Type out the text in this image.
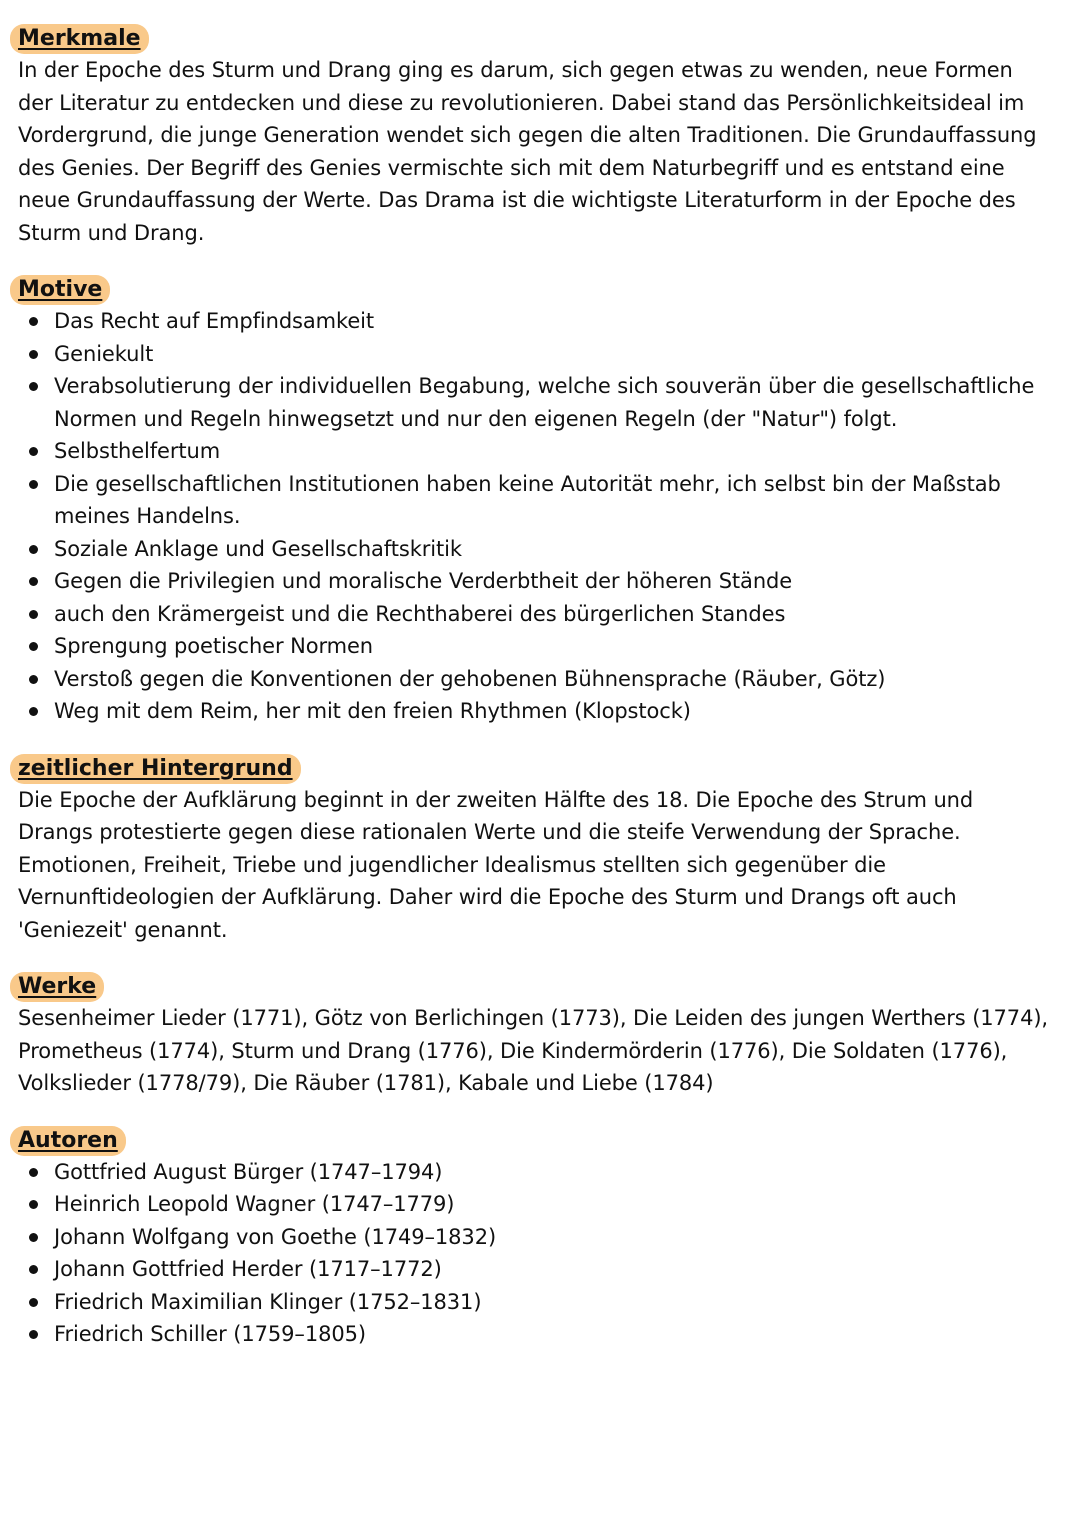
Merkmale
In der Epoche des Sturm und Drang ging es darum, sich gegen etwas zu wenden, neue Formen
der Literatur zu entdecken und diese zu revolutionieren. Dabei stand das Persönlichkeitsideal im
Vordergrund, die junge Generation wendet sich gegen die alten Traditionen. Die Grundauffassung
des Genies. Der Begriff des Genies vermischte sich mit dem Naturbegriff und es entstand eine
neue Grundauffassung der Werte. Das Drama ist die wichtigste Literaturform in der Epoche des
Sturm und Drang.
Motive
Das Recht auf Empfindsamkeit
Geniekult
Verabsolutierung der individuellen Begabung, welche sich souverän über die gesellschaftliche
Normen und Regeln hinwegsetzt und nur den eigenen Regeln (der "Natur") folgt.
Selbsthelfertum
Die gesellschaftlichen Institutionen haben keine Autorität mehr, ich selbst bin der Maßstab
meines Handelns.
Soziale Anklage und Gesellschaftskritik
Gegen die Privilegien und moralische Verderbtheit der höheren Stände
auch den Krämergeist und die Rechthaberei des bürgerlichen Standes
Sprengung poetischer Normen
Verstoß gegen die Konventionen der gehobenen Bühnensprache (Räuber, Götz)
Weg mit dem Reim, her mit den freien Rhythmen (Klopstock)
zeitlicher Hintergrund
Die Epoche der Aufklärung beginnt in der zweiten Hälfte des 18. Die Epoche des Strum und
Drangs protestierte gegen diese rationalen Werte und die steife Verwendung der Sprache.
Emotionen, Freiheit, Triebe und jugendlicher Idealismus stellten sich gegenüber die
Vernunftideologien der Aufklärung. Daher wird die Epoche des Sturm und Drangs oft auch
'Geniezeit' genannt.
Werke
Sesenheimer Lieder (1771), Götz von Berlichingen (1773), Die Leiden des jungen Werthers (1774),
Prometheus (1774), Sturm und Drang (1776), Die Kindermörderin (1776), Die Soldaten (1776),
Volkslieder (1778/79), Die Räuber (1781), Kabale und Liebe (1784)
Autoren
Gottfried August Bürger (1747–1794)
Heinrich Leopold Wagner (1747–1779)
Johann Wolfgang von Goethe (1749–1832)
Johann Gottfried Herder (1717–1772)
Friedrich Maximilian Klinger (1752–1831)
Friedrich Schiller (1759–1805)
